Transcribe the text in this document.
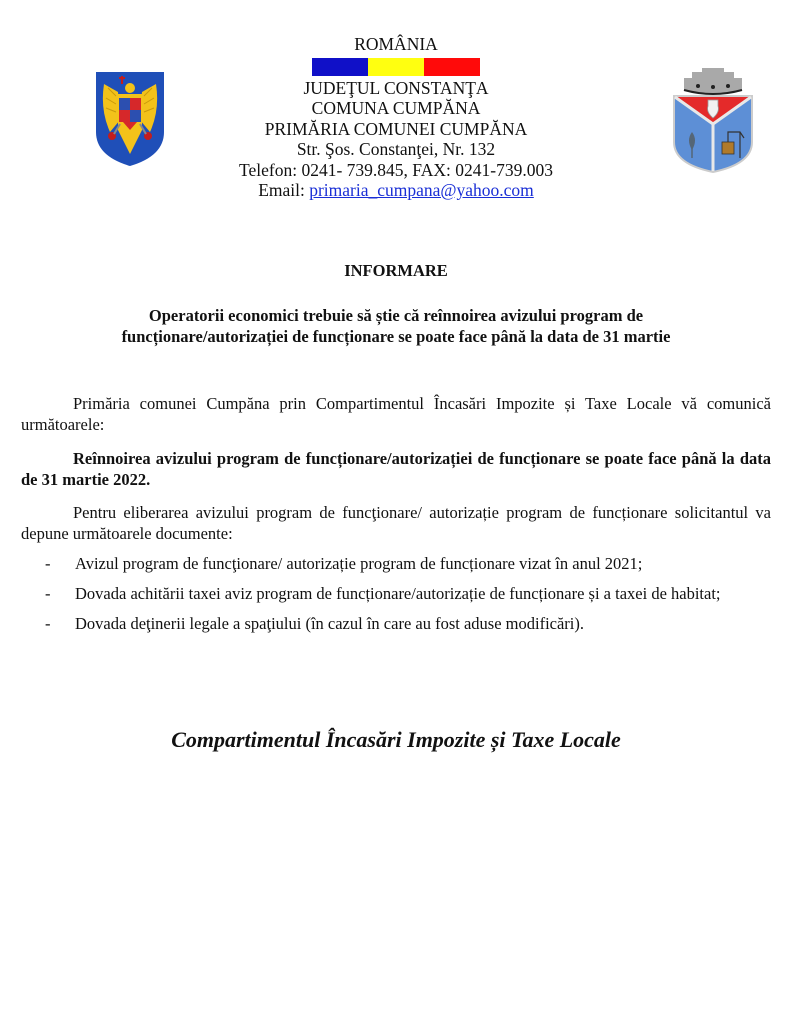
ROMÂNIA
JUDEŢUL CONSTANŢA
COMUNA CUMPĂNA
PRIMĂRIA COMUNEI CUMPĂNA
Str. Şos. Constanţei, Nr. 132
Telefon: 0241- 739.845, FAX: 0241-739.003
Email: primaria_cumpana@yahoo.com
INFORMARE
Operatorii economici trebuie să știe că reînnoirea avizului program de
funcționare/autorizației de funcționare se poate face până la data de 31 martie
Primăria comunei Cumpăna prin Compartimentul Încasări Impozite și Taxe Locale vă comunică următoarele:
Reînnoirea avizului program de funcționare/autorizației de funcționare se poate face până la data de 31 martie 2022.
Pentru eliberarea avizului program de funcţionare/ autorizație program de funcționare solicitantul va depune următoarele documente:
- Avizul program de funcţionare/ autorizație program de funcționare vizat în anul 2021;
- Dovada achitării taxei aviz program de funcționare/autorizație de funcționare și a taxei de habitat;
- Dovada deţinerii legale a spaţiului (în cazul în care au fost aduse modificări).
Compartimentul Încasări Impozite și Taxe Locale
